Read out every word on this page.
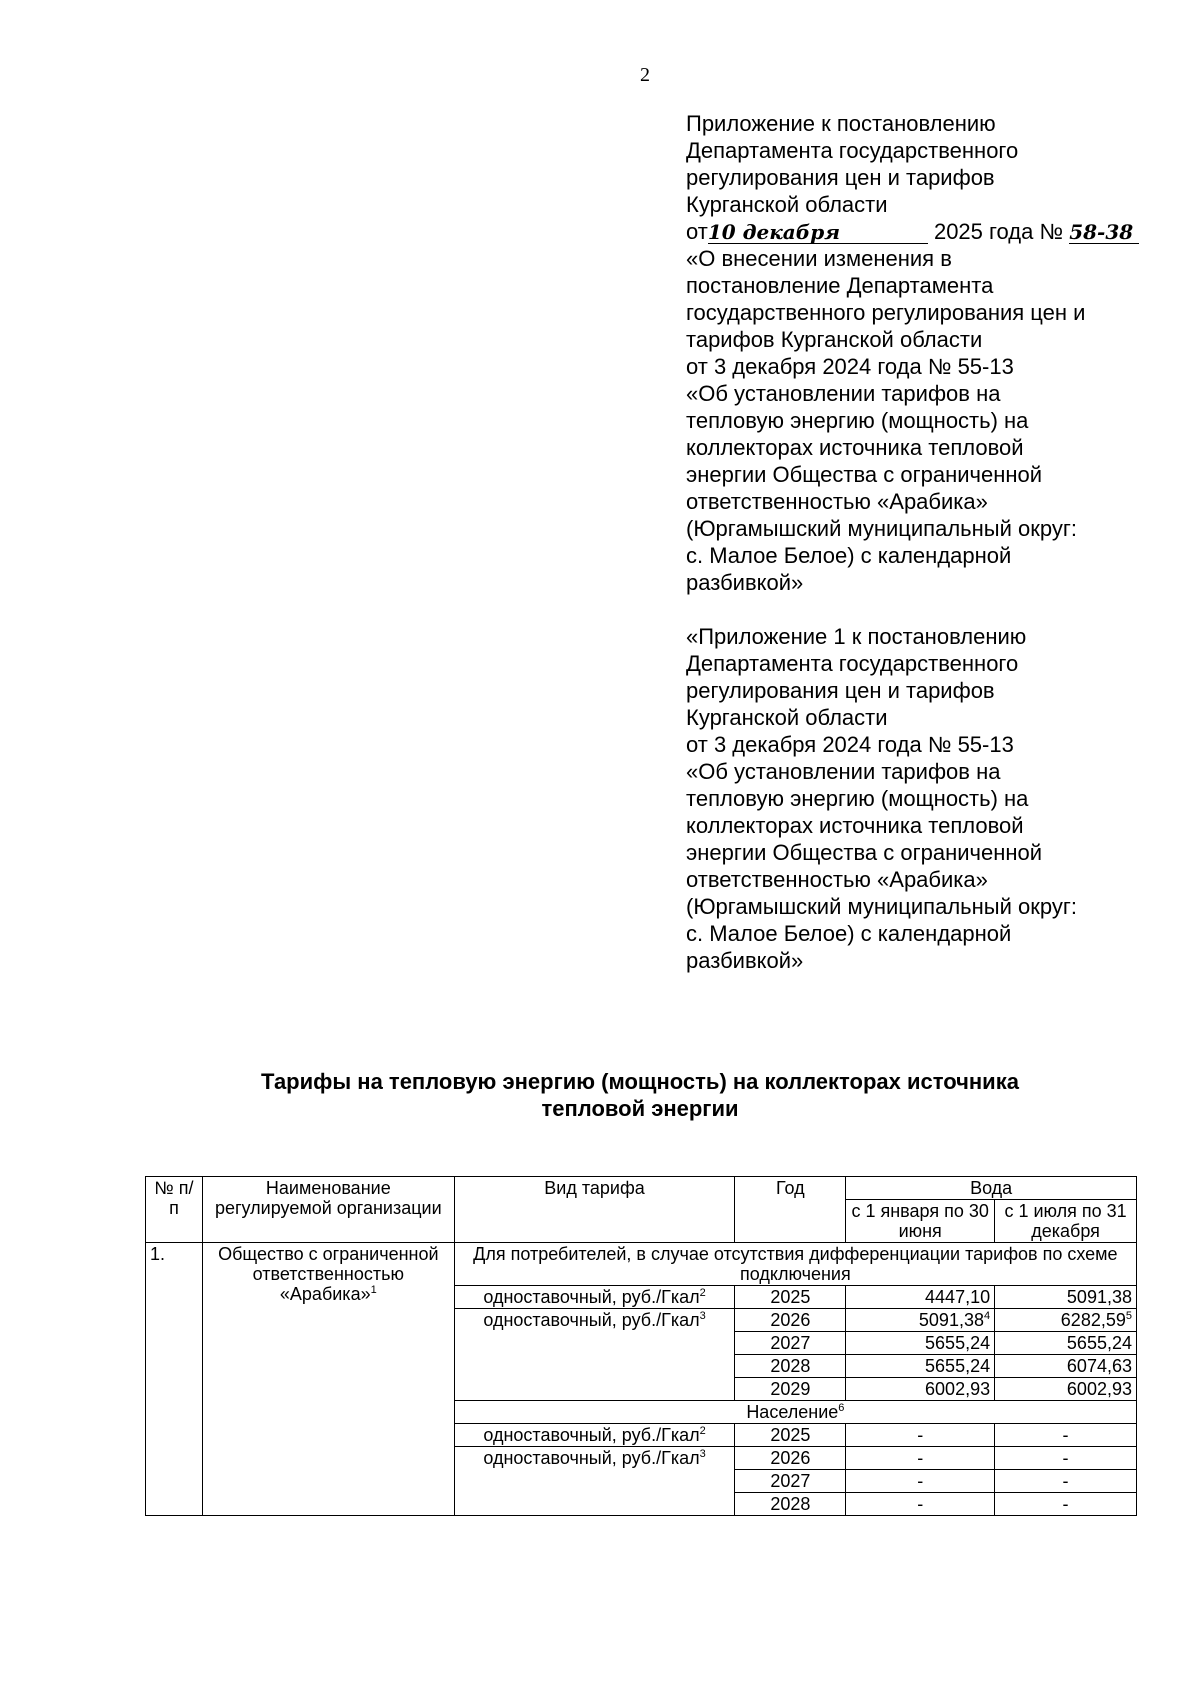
2

Приложение к постановлению

Департамента государственного

регулирования цен и тарифов

Курганской области

от10 декабря	2025 года № 58-38

«О внесении изменения в

постановление Департамента

государственного регулирования цен и

тарифов Курганской области

от 3 декабря 2024 года № 55-13

«Об установлении тарифов на

тепловую энергию (мощность) на

коллекторах источника тепловой

энергии Общества с ограниченной

ответственностью «Арабика»

(Юргамышский муниципальный округ:

с. Малое Белое) с календарной

разбивкой»

«Приложение 1 к постановлению

Департамента государственного

регулирования цен и тарифов

Курганской области

от 3 декабря 2024 года № 55-13

«Об установлении тарифов на

тепловую энергию (мощность) на

коллекторах источника тепловой

энергии Общества с ограниченной

ответственностью «Арабика»

(Юргамышский муниципальный округ:

с. Малое Белое) с календарной

разбивкой»

Тарифы на тепловую энергию (мощность) на коллекторах источника
тепловой энергии
№ п/п	Наименование регулируемой организации	Вид тарифа	Год	Вода	
				с 1 января по 30 июня	с 1 июля по 31 декабря
1.	Общество с ограниченной ответственностью «Арабика»$^1$	Для потребителей, в случае отсутствия дифференциации тарифов по схеме подключения			
		одноставочный, руб./Гкал$^2$	2025	4447,10	5091,38
		одноставочный, руб./Гкал$^3$	2026	5091,38$^4$	6282,59$^5$
			2027	5655,24	5655,24
			2028	5655,24	6074,63
			2029	6002,93	6002,93
		Население$^6$
		одноставочный, руб./Гкал$^2$	2025	-	-
		одноставочный, руб./Гкал$^3$	2026	-	-
			2027	-	-
			2028	-	-
